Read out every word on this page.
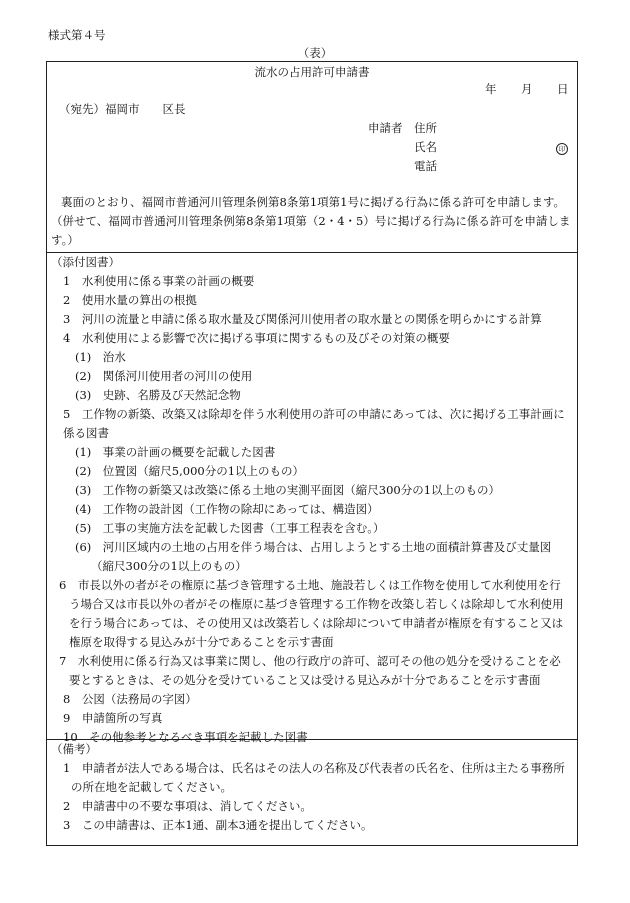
様式第４号
（表）
流水の占用許可申請書
年 月 日
（宛先）福岡市　　区長
申請者 住所
氏名	印
電話
裏面のとおり、福岡市普通河川管理条例第8条第1項第1号に掲げる行為に係る許可を申請します。
（併せて、福岡市普通河川管理条例第8条第1項第（2・4・5）号に掲げる行為に係る許可を申請しま
す。）
（添付図書）
1　水利使用に係る事業の計画の概要
2　使用水量の算出の根拠
3　河川の流量と申請に係る取水量及び関係河川使用者の取水量との関係を明らかにする計算
4　水利使用による影響で次に掲げる事項に関するもの及びその対策の概要
(1)　治水
(2)　関係河川使用者の河川の使用
(3)　史跡、名勝及び天然記念物
5　工作物の新築、改築又は除却を伴う水利使用の許可の申請にあっては、次に掲げる工事計画に
係る図書
(1)　事業の計画の概要を記載した図書
(2)　位置図（縮尺5,000分の1以上のもの）
(3)　工作物の新築又は改築に係る土地の実測平面図（縮尺300分の1以上のもの）
(4)　工作物の設計図（工作物の除却にあっては、構造図）
(5)　工事の実施方法を記載した図書（工事工程表を含む。）
(6)　河川区域内の土地の占用を伴う場合は、占用しようとする土地の面積計算書及び丈量図
（縮尺300分の1以上のもの）
6　市長以外の者がその権原に基づき管理する土地、施設若しくは工作物を使用して水利使用を行
う場合又は市長以外の者がその権原に基づき管理する工作物を改築し若しくは除却して水利使用
を行う場合にあっては、その使用又は改築若しくは除却について申請者が権原を有すること又は
権原を取得する見込みが十分であることを示す書面
7　水利使用に係る行為又は事業に関し、他の行政庁の許可、認可その他の処分を受けることを必
要とするときは、その処分を受けていること又は受ける見込みが十分であることを示す書面
8　公図（法務局の字図）
9　申請箇所の写真
10　その他参考となるべき事項を記載した図書
（備考）
1　申請者が法人である場合は、氏名はその法人の名称及び代表者の氏名を、住所は主たる事務所
の所在地を記載してください。
2　申請書中の不要な事項は、消してください。
3　この申請書は、正本1通、副本3通を提出してください。
